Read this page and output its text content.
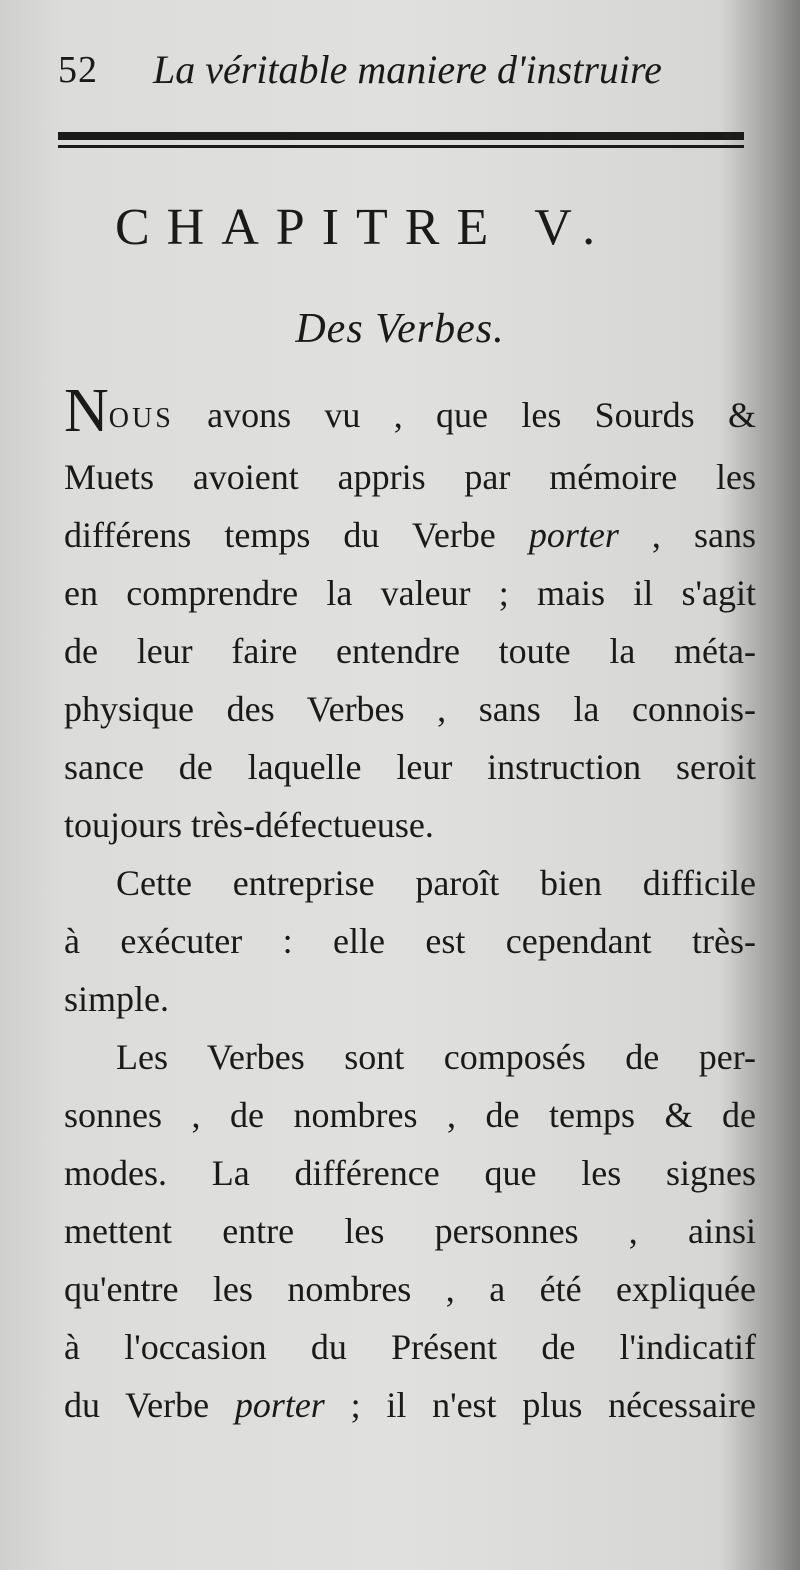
52 La véritable maniere d'instruire
CHAPITRE V.
Des Verbes.
NOUS avons vu , que les Sourds &
Muets avoient appris par mémoire les
différens temps du Verbe porter , sans
en comprendre la valeur ; mais il s'agit
de leur faire entendre toute la méta-
physique des Verbes , sans la connois-
sance de laquelle leur instruction seroit
toujours très-défectueuse.
Cette entreprise paroît bien difficile
à exécuter : elle est cependant très-
simple.
Les Verbes sont composés de per-
sonnes , de nombres , de temps & de
modes. La différence que les signes
mettent entre les personnes , ainsi
qu'entre les nombres , a été expliquée
à l'occasion du Présent de l'indicatif
du Verbe porter ; il n'est plus nécessaire
